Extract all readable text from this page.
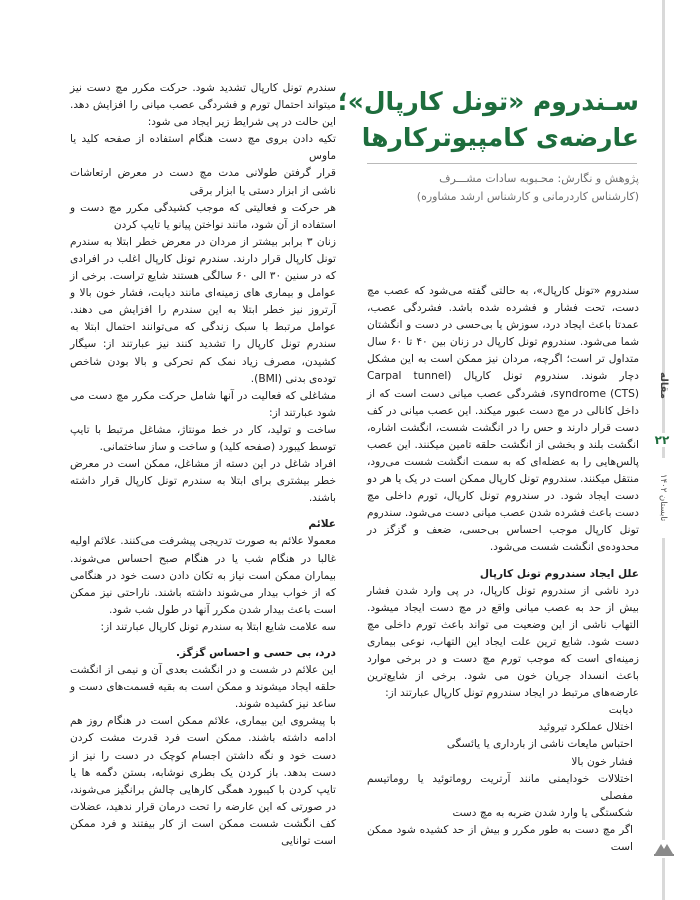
مقاله
۲۲
تابستان ۱۴۰۲
سـندروم «تونل کارپال»؛
عارضه‌ی کامپیوترکارها
پژوهش و نگارش: محـبوبه سادات مشـــرف
(کارشناس کاردرمانی و کارشناس ارشد مشاوره)

سندروم «تونل کارپال»، به حالتی گفته می‌شود که عصب مچ دست، تحت فشار و فشرده شده باشد. فشردگی عصب، عمدتا باعث ایجاد درد، سوزش یا بی‌حسی در دست و انگشتان شما می‌شود. سندروم تونل کارپال در زنان بین ۴۰ تا ۶۰ سال متداول تر است؛ اگرچه، مردان نیز ممکن است به این مشکل دچار شوند. سندروم تونل کارپال (Carpal tunnel syndrome (CTS)، فشردگی عصب میانی دست است که از داخل کانالی در مچ دست عبور میکند. این عصب میانی در کف دست قرار دارند و حس را در انگشت شست، انگشت اشاره، انگشت بلند و بخشی از انگشت حلقه تامین میکنند. این عصب پالس‌هایی را به عضله‌ای که به سمت انگشت شست می‌رود، منتقل میکنند. سندروم تونل کارپال ممکن است در یک یا هر دو دست ایجاد شود. در سندروم تونل کارپال، تورم داخلی مچ دست باعث فشرده شدن عصب میانی دست می‌شود. سندروم تونل کارپال موجب احساس بی‌حسی، ضعف و گزگز در محدوده‌ی انگشت شست می‌شود.

علل ایجاد سندروم تونل کارپال

درد ناشی از سندروم تونل کارپال، در پی وارد شدن فشار بیش از حد به عصب میانی واقع در مچ دست ایجاد میشود. التهاب ناشی از این وضعیت می تواند باعث تورم داخلی مچ دست شود. شایع ترین علت ایجاد این التهاب، نوعی بیماری زمینه‌ای است که موجب تورم مچ دست و در برخی موارد باعث انسداد جریان خون می شود. برخی از شایع‌ترین عارضه‌های مرتبط در ایجاد سندروم تونل کارپال عبارتند از:

دیابت

اختلال عملکرد تیروئید

احتباس مایعات ناشی از بارداری یا یائسگی

فشار خون بالا

اختلالات خودایمنی مانند آرتریت روماتوئید یا روماتیسم مفصلی

شکستگی یا وارد شدن ضربه به مچ دست

اگر مچ دست به طور مکرر و بیش از حد کشیده شود ممکن است

سندرم تونل کارپال تشدید شود. حرکت مکرر مچ دست نیز میتواند احتمال تورم و فشردگی عصب میانی را افزایش دهد. این حالت در پی شرایط زیر ایجاد می شود:

تکیه دادن بروی مچ دست هنگام استفاده از صفحه کلید یا ماوس

قرار گرفتن طولانی مدت مچ دست در معرض ارتعاشات ناشی از ابزار دستی یا ابزار برقی

هر حرکت و فعالیتی که موجب کشیدگی مکرر مچ دست و استفاده از آن شود، مانند نواختن پیانو یا تایپ کردن

زنان ۳ برابر بیشتر از مردان در معرض خطر ابتلا به سندرم تونل کارپال قرار دارند. سندرم تونل کارپال اغلب در افرادی که در سنین ۳۰ الی ۶۰ سالگی هستند شایع تراست. برخی از عوامل و بیماری های زمینه‌ای مانند دیابت، فشار خون بالا و آرتروز نیز خطر ابتلا به این سندرم را افزایش می دهند. عوامل مرتبط با سبک زندگی که می‌توانند احتمال ابتلا به سندرم تونل کارپال را تشدید کنند نیز عبارتند از: سیگار کشیدن، مصرف زیاد نمک کم تحرکی و بالا بودن شاخص توده‌ی بدنی (BMI).

مشاغلی که فعالیت در آنها شامل حرکت مکرر مچ دست می شود عبارتند از:

ساخت و تولید، کار در خط مونتاژ، مشاغل مرتبط با تایپ توسط کیبورد (صفحه کلید) و ساخت و ساز ساختمانی.

افراد شاغل در این دسته از مشاغل، ممکن است در معرض خطر بیشتری برای ابتلا به سندرم تونل کارپال قرار داشته باشند.

علائم

معمولا علائم به صورت تدریجی پیشرفت می‌کنند. علائم اولیه غالبا در هنگام شب یا در هنگام صبح احساس می‌شوند. بیماران ممکن است نیاز به تکان دادن دست خود در هنگامی که از خواب بیدار می‌شوند داشته باشند. ناراحتی نیز ممکن است باعث بیدار شدن مکرر آنها در طول شب شود.

سه علامت شایع ابتلا به سندرم تونل کارپال عبارتند از:

درد، بی حسی و احساس گزگز.

این علائم در شست و در انگشت بعدی آن و نیمی از انگشت حلقه ایجاد میشوند و ممکن است به بقیه قسمت‌های دست و ساعد نیز کشیده شوند.

با پیشروی این بیماری، علائم ممکن است در هنگام روز هم ادامه داشته باشند. ممکن است فرد قدرت مشت کردن دست خود و نگه داشتن اجسام کوچک در دست را نیز از دست بدهد. باز کردن یک بطری نوشابه، بستن دگمه ها یا تایپ کردن با کیبورد همگی کارهایی چالش برانگیز می‌شوند، در صورتی که این عارضه را تحت درمان قرار ندهید، عضلات کف انگشت شست ممکن است از کار بیفتند و فرد ممکن است توانایی
